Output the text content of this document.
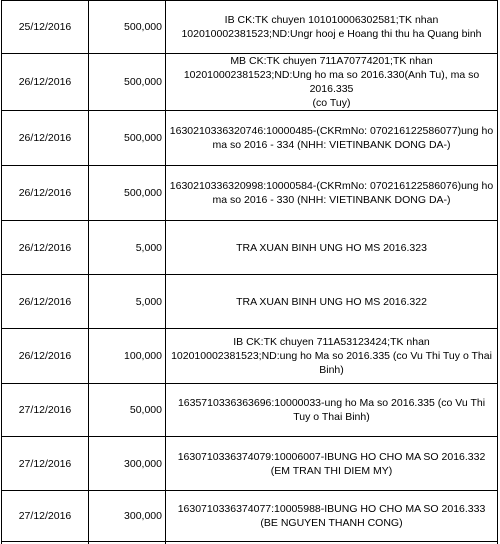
25/12/2016	500,000	IB CK:TK chuyen 101010006302581;TK nhan
102010002381523;ND:Ungr hooj e Hoang thi thu ha Quang binh
26/12/2016	500,000	MB CK:TK chuyen 711A70774201;TK nhan
102010002381523;ND:Ung ho ma so 2016.330(Anh Tu), ma so 2016.335
(co Tuy)
26/12/2016	500,000	1630210336320746:10000485-(CKRmNo: 070216122586077)ung ho
ma so 2016 - 334 (NHH: VIETINBANK DONG DA-)
26/12/2016	500,000	1630210336320998:10000584-(CKRmNo: 070216122586076)ung ho
ma so 2016 - 330 (NHH: VIETINBANK DONG DA-)
26/12/2016	5,000	TRA XUAN BINH UNG HO MS 2016.323
26/12/2016	5,000	TRA XUAN BINH UNG HO MS 2016.322
26/12/2016	100,000	IB CK:TK chuyen 711A53123424;TK nhan
102010002381523;ND:ung ho Ma so 2016.335 (co Vu Thi Tuy o Thai
Binh)
27/12/2016	50,000	1635710336363696:10000033-ung ho Ma so 2016.335 (co Vu Thi
Tuy o Thai Binh)
27/12/2016	300,000	1630710336374079:10006007-IBUNG HO CHO MA SO 2016.332
(EM TRAN THI DIEM MY)
27/12/2016	300,000	1630710336374077:10005988-IBUNG HO CHO MA SO 2016.333
(BE NGUYEN THANH CONG)
